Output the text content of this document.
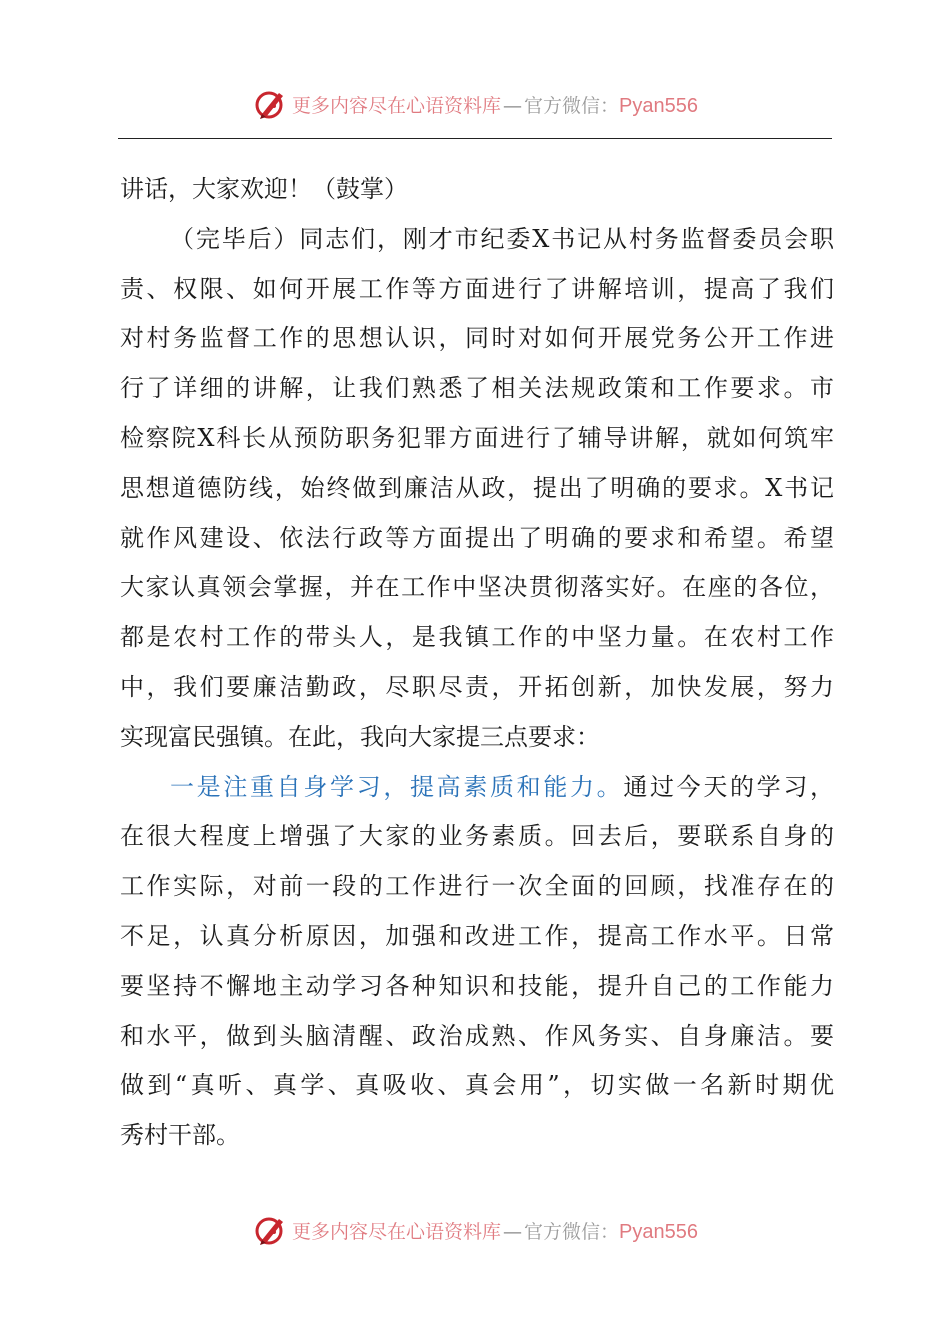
更多内容尽在心语资料库 — 官方微信： Pyan556
讲话，大家欢迎！（鼓掌）
（完毕后）同志们，刚才市纪委X书记从村务监督委员会职
责、权限、如何开展工作等方面进行了讲解培训，提高了我们
对村务监督工作的思想认识，同时对如何开展党务公开工作进
行了详细的讲解，让我们熟悉了相关法规政策和工作要求。市
检察院X科长从预防职务犯罪方面进行了辅导讲解，就如何筑牢
思想道德防线，始终做到廉洁从政，提出了明确的要求。X书记
就作风建设、依法行政等方面提出了明确的要求和希望。希望
大家认真领会掌握，并在工作中坚决贯彻落实好。在座的各位，
都是农村工作的带头人，是我镇工作的中坚力量。在农村工作
中，我们要廉洁勤政，尽职尽责，开拓创新，加快发展，努力
实现富民强镇。在此，我向大家提三点要求：
一是注重自身学习，提高素质和能力。通过今天的学习，
在很大程度上增强了大家的业务素质。回去后，要联系自身的
工作实际，对前一段的工作进行一次全面的回顾，找准存在的
不足，认真分析原因，加强和改进工作，提高工作水平。日常
要坚持不懈地主动学习各种知识和技能，提升自己的工作能力
和水平，做到头脑清醒、政治成熟、作风务实、自身廉洁。要
做到“真听、真学、真吸收、真会用”，切实做一名新时期优
秀村干部。
更多内容尽在心语资料库 — 官方微信： Pyan556
